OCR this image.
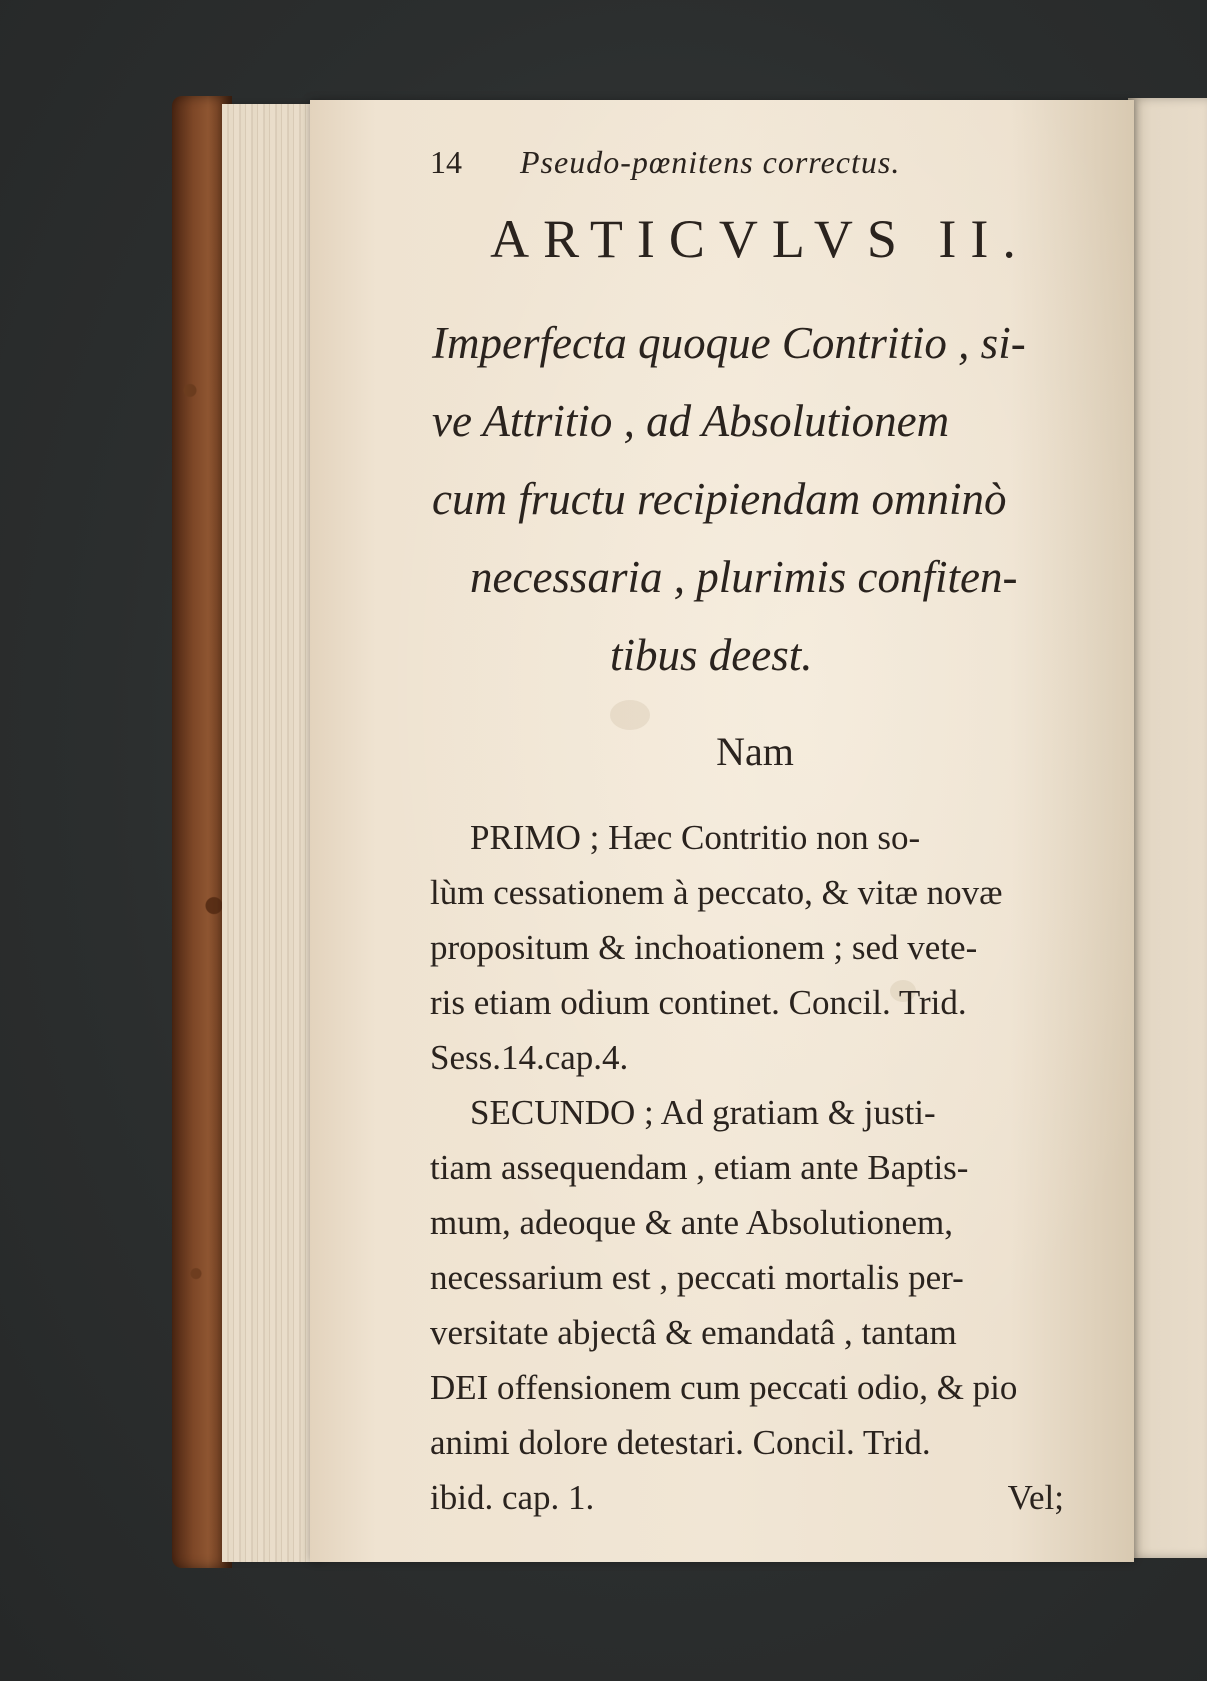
14	Pseudo-pœnitens correctus.
ARTICVLVS II.
Imperfecta quoque Contritio , si-
ve Attritio , ad Absolutionem
cum fructu recipiendam omninò
necessaria , plurimis confiten-
tibus deest.
Nam
PRIMO ; Hæc Contritio non so-
lùm cessationem à peccato, & vitæ novæ
propositum & inchoationem ; sed vete-
ris etiam odium continet. Concil. Trid.
Sess.14.cap.4.
SECUNDO ; Ad gratiam & justi-
tiam assequendam , etiam ante Baptis-
mum, adeoque & ante Absolutionem,
necessarium est , peccati mortalis per-
versitate abjectâ & emandatâ , tantam
DEI offensionem cum peccati odio, & pio
animi dolore detestari. Concil. Trid.
ibid. cap. 1.	Vel;
